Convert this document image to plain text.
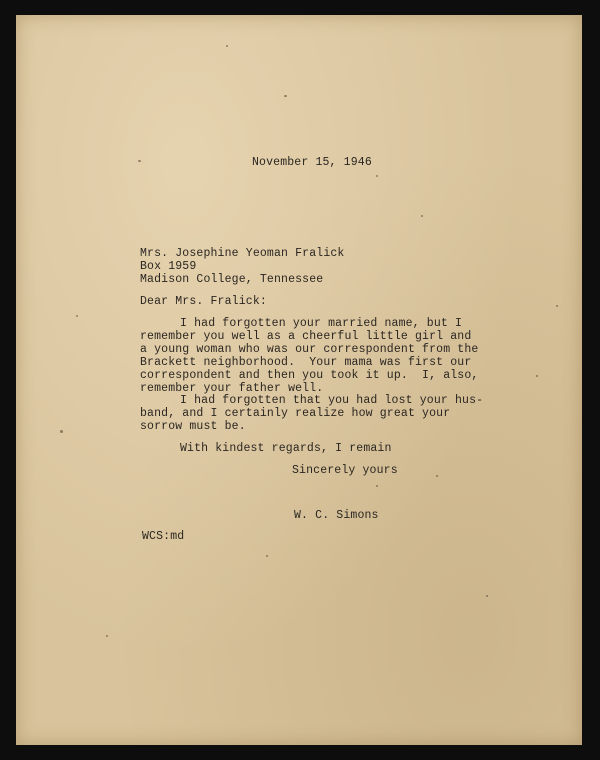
November 15, 1946

Mrs. Josephine Yeoman Fralick

Box 1959

Madison College, Tennessee

Dear Mrs. Fralick:

I had forgotten your married name, but I

remember you well as a cheerful little girl and

a young woman who was our correspondent from the

Brackett neighborhood.  Your mama was first our

correspondent and then you took it up.  I, also,

remember your father well.

I had forgotten that you had lost your hus-

band, and I certainly realize how great your

sorrow must be.

With kindest regards, I remain

Sincerely yours

W. C. Simons

WCS:md
